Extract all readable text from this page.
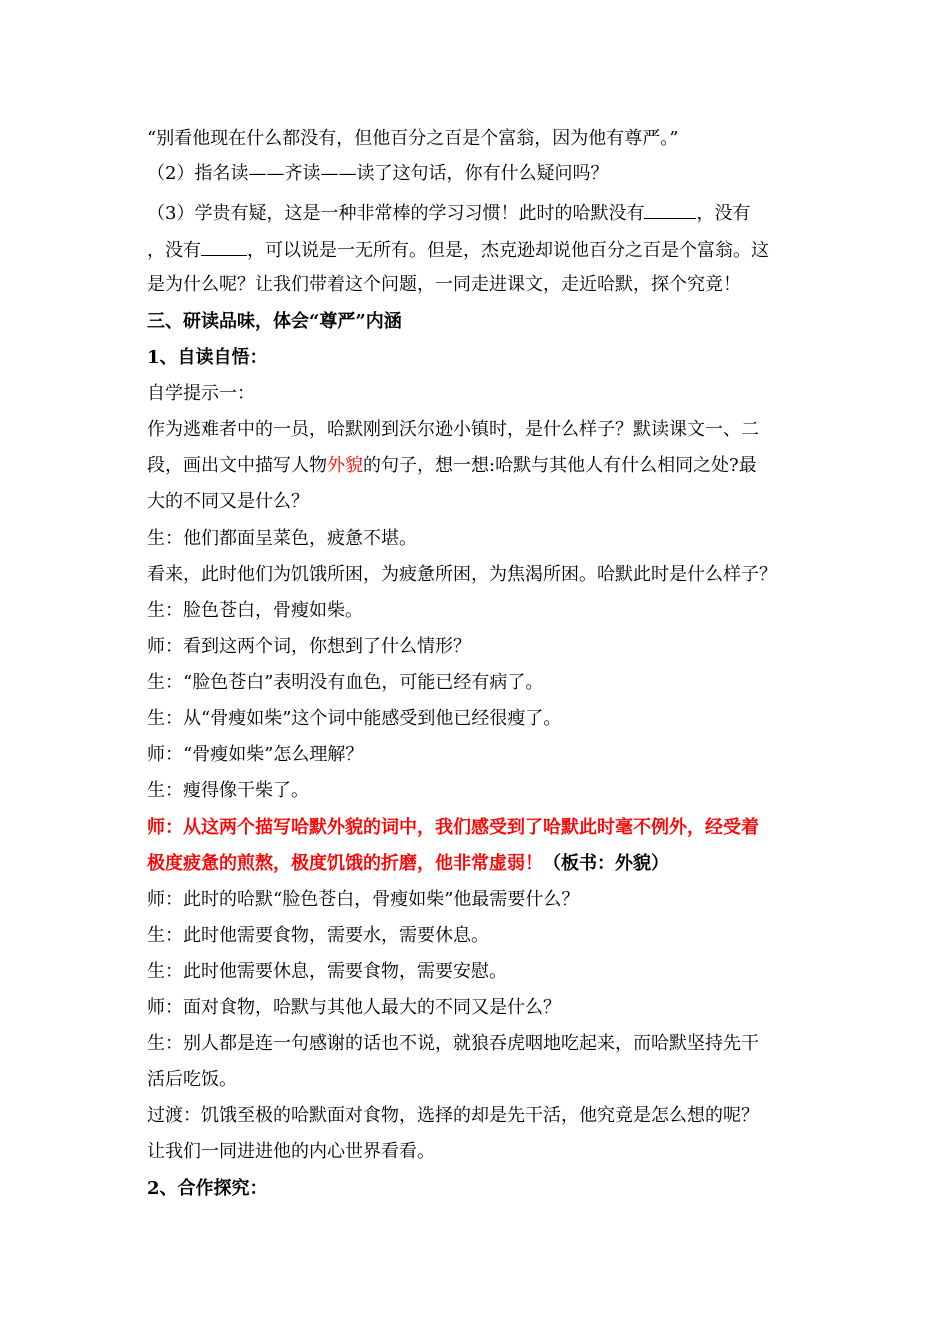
“别看他现在什么都没有，但他百分之百是个富翁，因为他有尊严。”
（2）指名读——齐读——读了这句话，你有什么疑问吗？
（3）学贵有疑，这是一种非常棒的学习习惯！此时的哈默没有	，没有
，没有	，可以说是一无所有。但是，杰克逊却说他百分之百是个富翁。这
是为什么呢？让我们带着这个问题，一同走进课文，走近哈默，探个究竟！
三、研读品味，体会“尊严”内涵
1、自读自悟：
自学提示一：
作为逃难者中的一员，哈默刚到沃尔逊小镇时，是什么样子？默读课文一、二
段，画出文中描写人物外貌的句子，想一想:哈默与其他人有什么相同之处?最
大的不同又是什么？
生：他们都面呈菜色，疲惫不堪。
看来，此时他们为饥饿所困，为疲惫所困，为焦渴所困。哈默此时是什么样子？
生：脸色苍白，骨瘦如柴。
师：看到这两个词，你想到了什么情形？
生：“脸色苍白”表明没有血色，可能已经有病了。
生：从“骨瘦如柴”这个词中能感受到他已经很瘦了。
师：“骨瘦如柴”怎么理解？
生：瘦得像干柴了。
师：从这两个描写哈默外貌的词中，我们感受到了哈默此时毫不例外，经受着
极度疲惫的煎熬，极度饥饿的折磨，他非常虚弱！（板书：外貌）
师：此时的哈默“脸色苍白，骨瘦如柴”他最需要什么？
生：此时他需要食物，需要水，需要休息。
生：此时他需要休息，需要食物，需要安慰。
师：面对食物，哈默与其他人最大的不同又是什么？
生：别人都是连一句感谢的话也不说，就狼吞虎咽地吃起来，而哈默坚持先干
活后吃饭。
过渡：饥饿至极的哈默面对食物，选择的却是先干活，他究竟是怎么想的呢？
让我们一同进进他的内心世界看看。
2、合作探究：
